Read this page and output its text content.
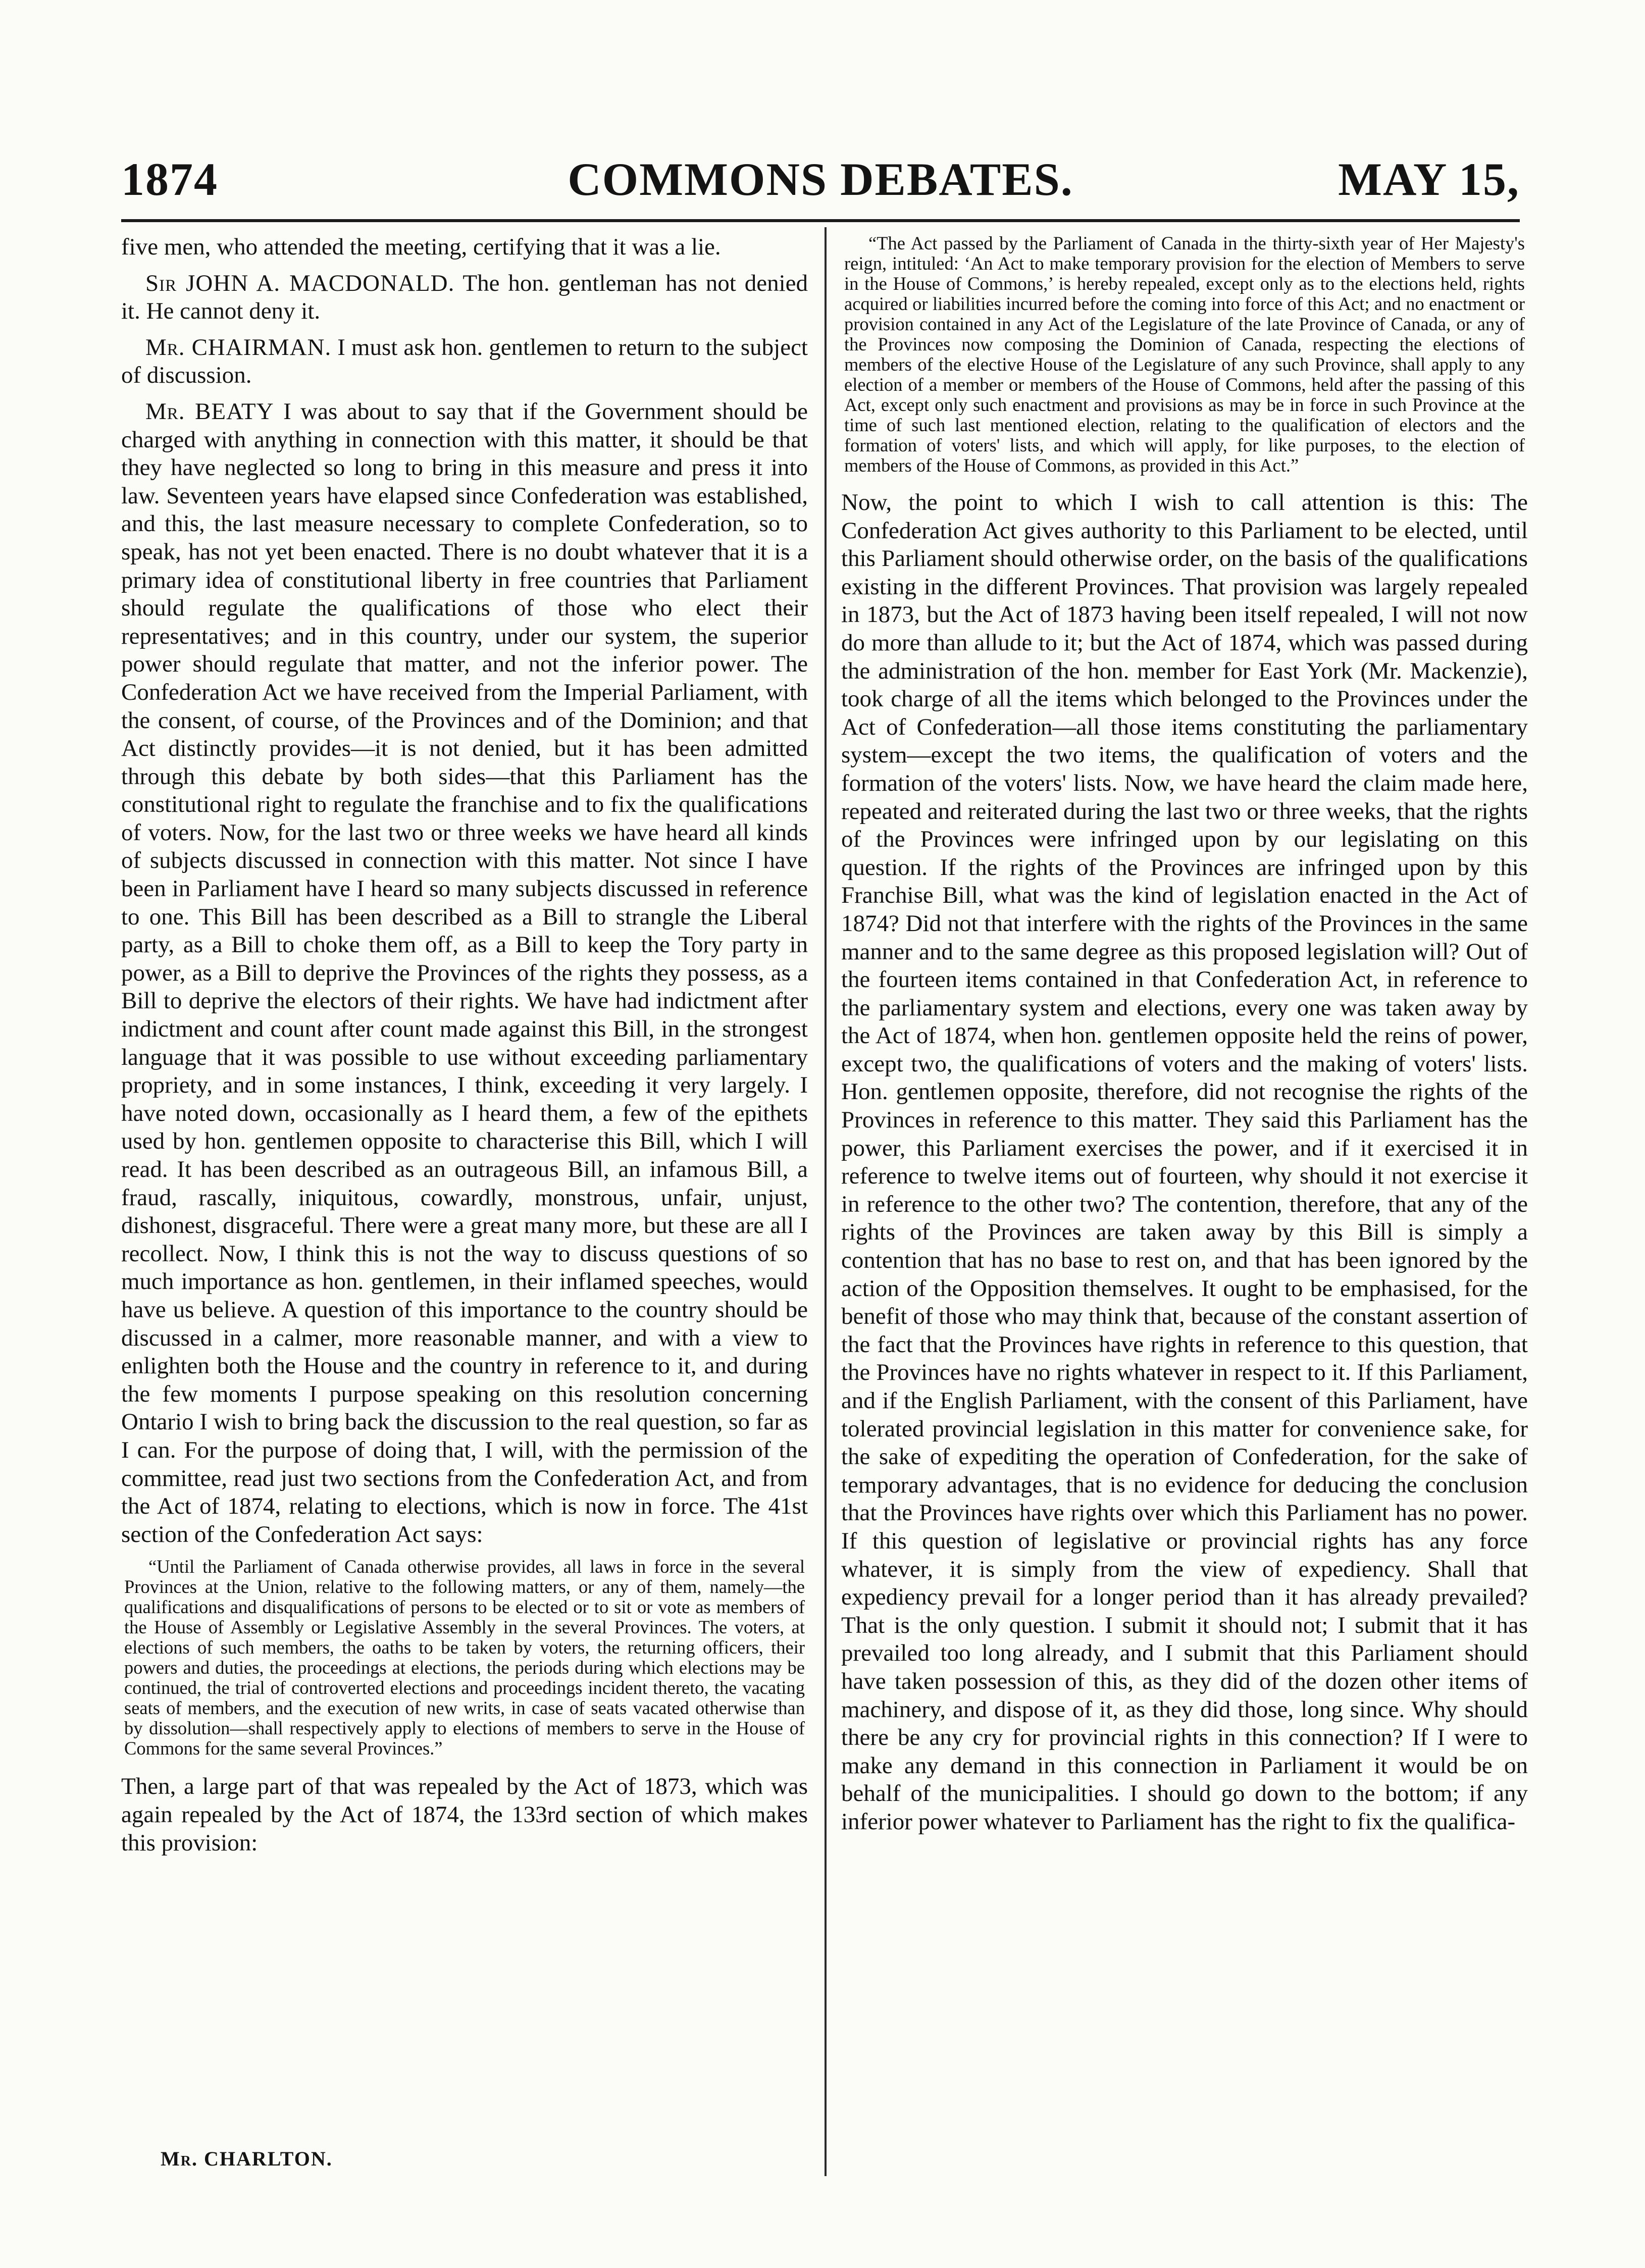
1874	COMMONS DEBATES.	MAY 15,

five men, who attended the meeting, certifying that it was a lie.

Sir JOHN A. MACDONALD. The hon. gentleman has not denied it. He cannot deny it.

Mr. CHAIRMAN. I must ask hon. gentlemen to return to the subject of discussion.

Mr. BEATY I was about to say that if the Government should be charged with anything in connection with this matter, it should be that they have neglected so long to bring in this measure and press it into law. Seventeen years have elapsed since Confederation was established, and this, the last measure necessary to complete Confederation, so to speak, has not yet been enacted. There is no doubt whatever that it is a primary idea of constitutional liberty in free countries that Parliament should regulate the qualifications of those who elect their representatives; and in this country, under our system, the superior power should regulate that matter, and not the inferior power. The Confederation Act we have received from the Imperial Parliament, with the consent, of course, of the Provinces and of the Dominion; and that Act distinctly provides—it is not denied, but it has been admitted through this debate by both sides—that this Parliament has the constitutional right to regulate the franchise and to fix the qualifications of voters. Now, for the last two or three weeks we have heard all kinds of subjects discussed in connection with this matter. Not since I have been in Parliament have I heard so many subjects discussed in reference to one. This Bill has been described as a Bill to strangle the Liberal party, as a Bill to choke them off, as a Bill to keep the Tory party in power, as a Bill to deprive the Provinces of the rights they possess, as a Bill to deprive the electors of their rights. We have had indictment after indictment and count after count made against this Bill, in the strongest language that it was possible to use without exceeding parliamentary propriety, and in some instances, I think, exceeding it very largely. I have noted down, occasionally as I heard them, a few of the epithets used by hon. gentlemen opposite to characterise this Bill, which I will read. It has been described as an outrageous Bill, an infamous Bill, a fraud, rascally, iniquitous, cowardly, monstrous, unfair, unjust, dishonest, disgraceful. There were a great many more, but these are all I recollect. Now, I think this is not the way to discuss questions of so much importance as hon. gentlemen, in their inflamed speeches, would have us believe. A question of this importance to the country should be discussed in a calmer, more reasonable manner, and with a view to enlighten both the House and the country in reference to it, and during the few moments I purpose speaking on this resolution concerning Ontario I wish to bring back the discussion to the real question, so far as I can. For the purpose of doing that, I will, with the permission of the committee, read just two sections from the Confederation Act, and from the Act of 1874, relating to elections, which is now in force. The 41st section of the Confederation Act says:

“Until the Parliament of Canada otherwise provides, all laws in force in the several Provinces at the Union, relative to the following matters, or any of them, namely—the qualifications and disqualifications of persons to be elected or to sit or vote as members of the House of Assembly or Legislative Assembly in the several Provinces. The voters, at elections of such members, the oaths to be taken by voters, the returning officers, their powers and duties, the proceedings at elections, the periods during which elections may be continued, the trial of controverted elections and proceedings incident thereto, the vacating seats of members, and the execution of new writs, in case of seats vacated otherwise than by dissolution—shall respectively apply to elections of members to serve in the House of Commons for the same several Provinces.”

Then, a large part of that was repealed by the Act of 1873, which was again repealed by the Act of 1874, the 133rd section of which makes this provision:

“The Act passed by the Parliament of Canada in the thirty-sixth year of Her Majesty's reign, intituled: ‘An Act to make temporary provision for the election of Members to serve in the House of Commons,’ is hereby repealed, except only as to the elections held, rights acquired or liabilities incurred before the coming into force of this Act; and no enactment or provision contained in any Act of the Legislature of the late Province of Canada, or any of the Provinces now composing the Dominion of Canada, respecting the elections of members of the elective House of the Legislature of any such Province, shall apply to any election of a member or members of the House of Commons, held after the passing of this Act, except only such enactment and provisions as may be in force in such Province at the time of such last mentioned election, relating to the qualification of electors and the formation of voters' lists, and which will apply, for like purposes, to the election of members of the House of Commons, as provided in this Act.”

Now, the point to which I wish to call attention is this: The Confederation Act gives authority to this Parliament to be elected, until this Parliament should otherwise order, on the basis of the qualifications existing in the different Provinces. That provision was largely repealed in 1873, but the Act of 1873 having been itself repealed, I will not now do more than allude to it; but the Act of 1874, which was passed during the administration of the hon. member for East York (Mr. Mackenzie), took charge of all the items which belonged to the Provinces under the Act of Confederation—all those items constituting the parliamentary system—except the two items, the qualification of voters and the formation of the voters' lists. Now, we have heard the claim made here, repeated and reiterated during the last two or three weeks, that the rights of the Provinces were infringed upon by our legislating on this question. If the rights of the Provinces are infringed upon by this Franchise Bill, what was the kind of legislation enacted in the Act of 1874? Did not that interfere with the rights of the Provinces in the same manner and to the same degree as this proposed legislation will? Out of the fourteen items contained in that Confederation Act, in reference to the parliamentary system and elections, every one was taken away by the Act of 1874, when hon. gentlemen opposite held the reins of power, except two, the qualifications of voters and the making of voters' lists. Hon. gentlemen opposite, therefore, did not recognise the rights of the Provinces in reference to this matter. They said this Parliament has the power, this Parliament exercises the power, and if it exercised it in reference to twelve items out of fourteen, why should it not exercise it in reference to the other two? The contention, therefore, that any of the rights of the Provinces are taken away by this Bill is simply a contention that has no base to rest on, and that has been ignored by the action of the Opposition themselves. It ought to be emphasised, for the benefit of those who may think that, because of the constant assertion of the fact that the Provinces have rights in reference to this question, that the Provinces have no rights whatever in respect to it. If this Parliament, and if the English Parliament, with the consent of this Parliament, have tolerated provincial legislation in this matter for convenience sake, for the sake of expediting the operation of Confederation, for the sake of temporary advantages, that is no evidence for deducing the conclusion that the Provinces have rights over which this Parliament has no power. If this question of legislative or provincial rights has any force whatever, it is simply from the view of expediency. Shall that expediency prevail for a longer period than it has already prevailed? That is the only question. I submit it should not; I submit that it has prevailed too long already, and I submit that this Parliament should have taken possession of this, as they did of the dozen other items of machinery, and dispose of it, as they did those, long since. Why should there be any cry for provincial rights in this connection? If I were to make any demand in this connection in Parliament it would be on behalf of the municipalities. I should go down to the bottom; if any inferior power whatever to Parliament has the right to fix the qualifica-

Mr. CHARLTON.
